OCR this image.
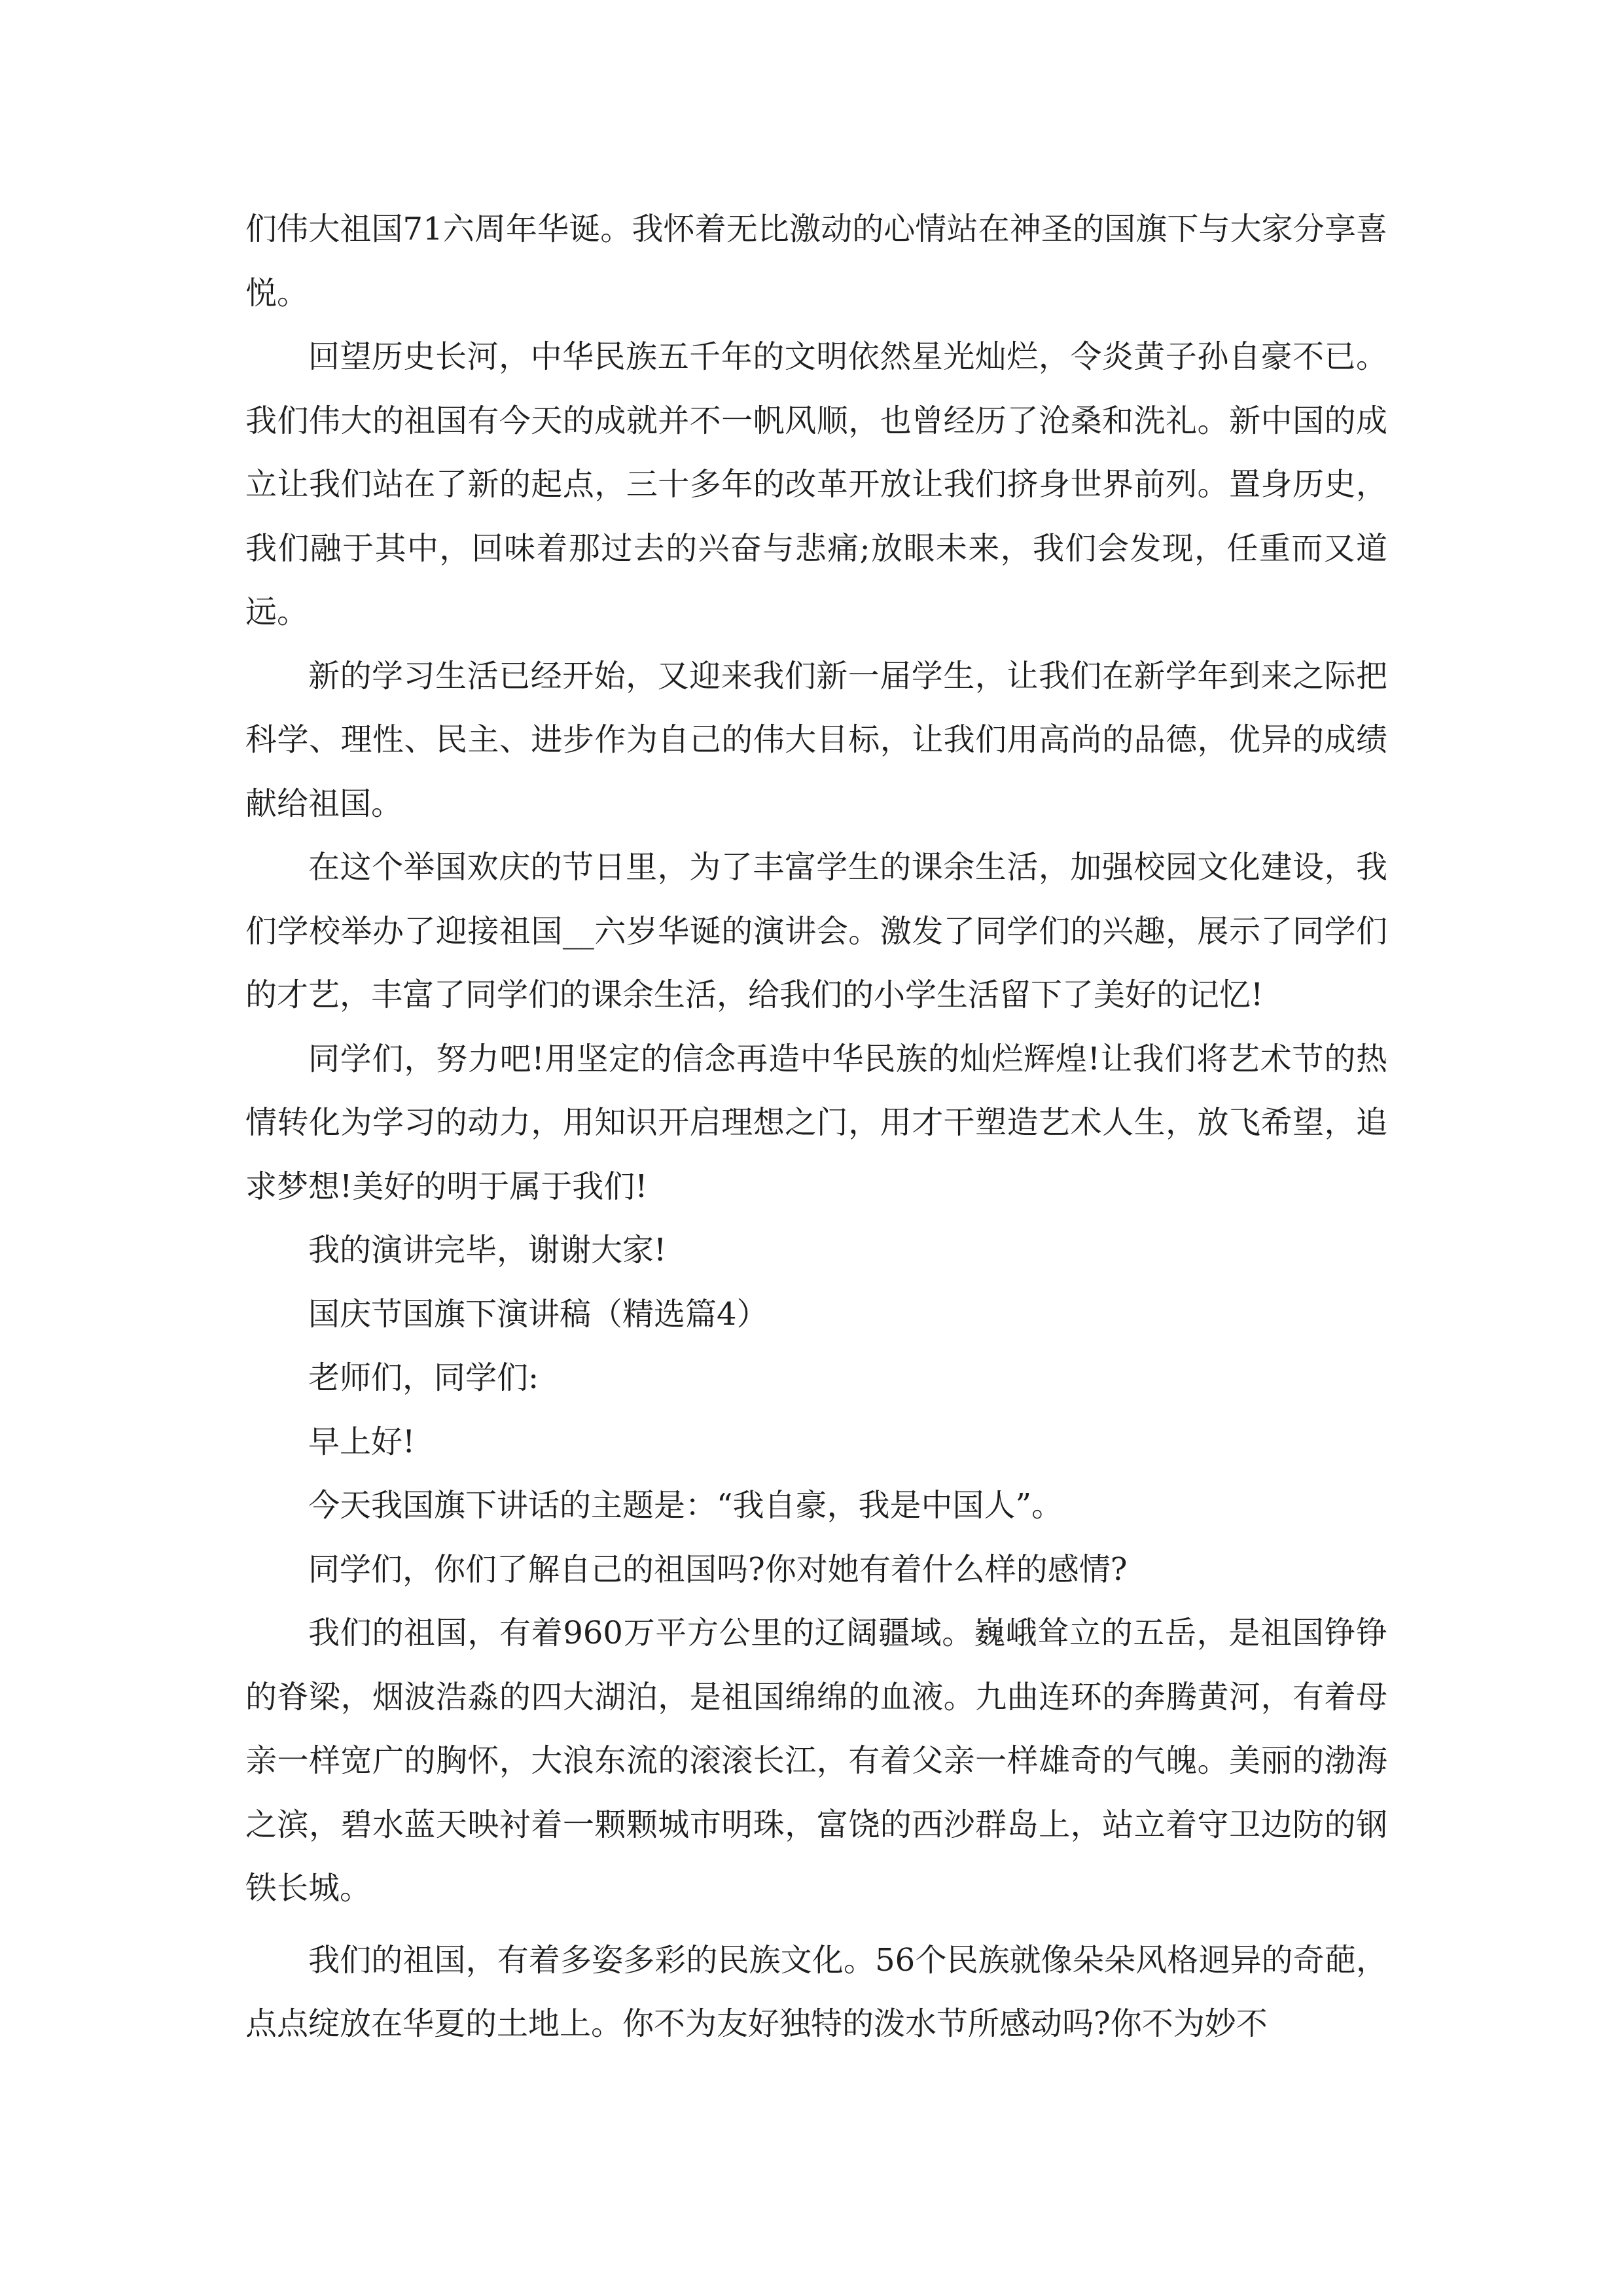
们伟大祖国71六周年华诞。我怀着无比激动的心情站在神圣的国旗下与大家分享喜悦。

回望历史长河，中华民族五千年的文明依然星光灿烂，令炎黄子孙自豪不已。我们伟大的祖国有今天的成就并不一帆风顺，也曾经历了沧桑和洗礼。新中国的成立让我们站在了新的起点，三十多年的改革开放让我们挤身世界前列。置身历史，我们融于其中，回味着那过去的兴奋与悲痛;放眼未来，我们会发现，任重而又道远。

新的学习生活已经开始，又迎来我们新一届学生，让我们在新学年到来之际把科学、理性、民主、进步作为自己的伟大目标，让我们用高尚的品德，优异的成绩献给祖国。

在这个举国欢庆的节日里，为了丰富学生的课余生活，加强校园文化建设，我们学校举办了迎接祖国__六岁华诞的演讲会。激发了同学们的兴趣，展示了同学们的才艺，丰富了同学们的课余生活，给我们的小学生活留下了美好的记忆!

同学们，努力吧!用坚定的信念再造中华民族的灿烂辉煌!让我们将艺术节的热情转化为学习的动力，用知识开启理想之门，用才干塑造艺术人生，放飞希望，追求梦想!美好的明于属于我们!

我的演讲完毕，谢谢大家!

国庆节国旗下演讲稿（精选篇4）

老师们，同学们:

早上好!

今天我国旗下讲话的主题是：“我自豪，我是中国人”。

同学们，你们了解自己的祖国吗?你对她有着什么样的感情?

我们的祖国，有着960万平方公里的辽阔疆域。巍峨耸立的五岳，是祖国铮铮的脊梁，烟波浩淼的四大湖泊，是祖国绵绵的血液。九曲连环的奔腾黄河，有着母亲一样宽广的胸怀，大浪东流的滚滚长江，有着父亲一样雄奇的气魄。美丽的渤海之滨，碧水蓝天映衬着一颗颗城市明珠，富饶的西沙群岛上，站立着守卫边防的钢铁长城。

我们的祖国，有着多姿多彩的民族文化。56个民族就像朵朵风格迥异的奇葩，点点绽放在华夏的土地上。你不为友好独特的泼水节所感动吗?你不为妙不
